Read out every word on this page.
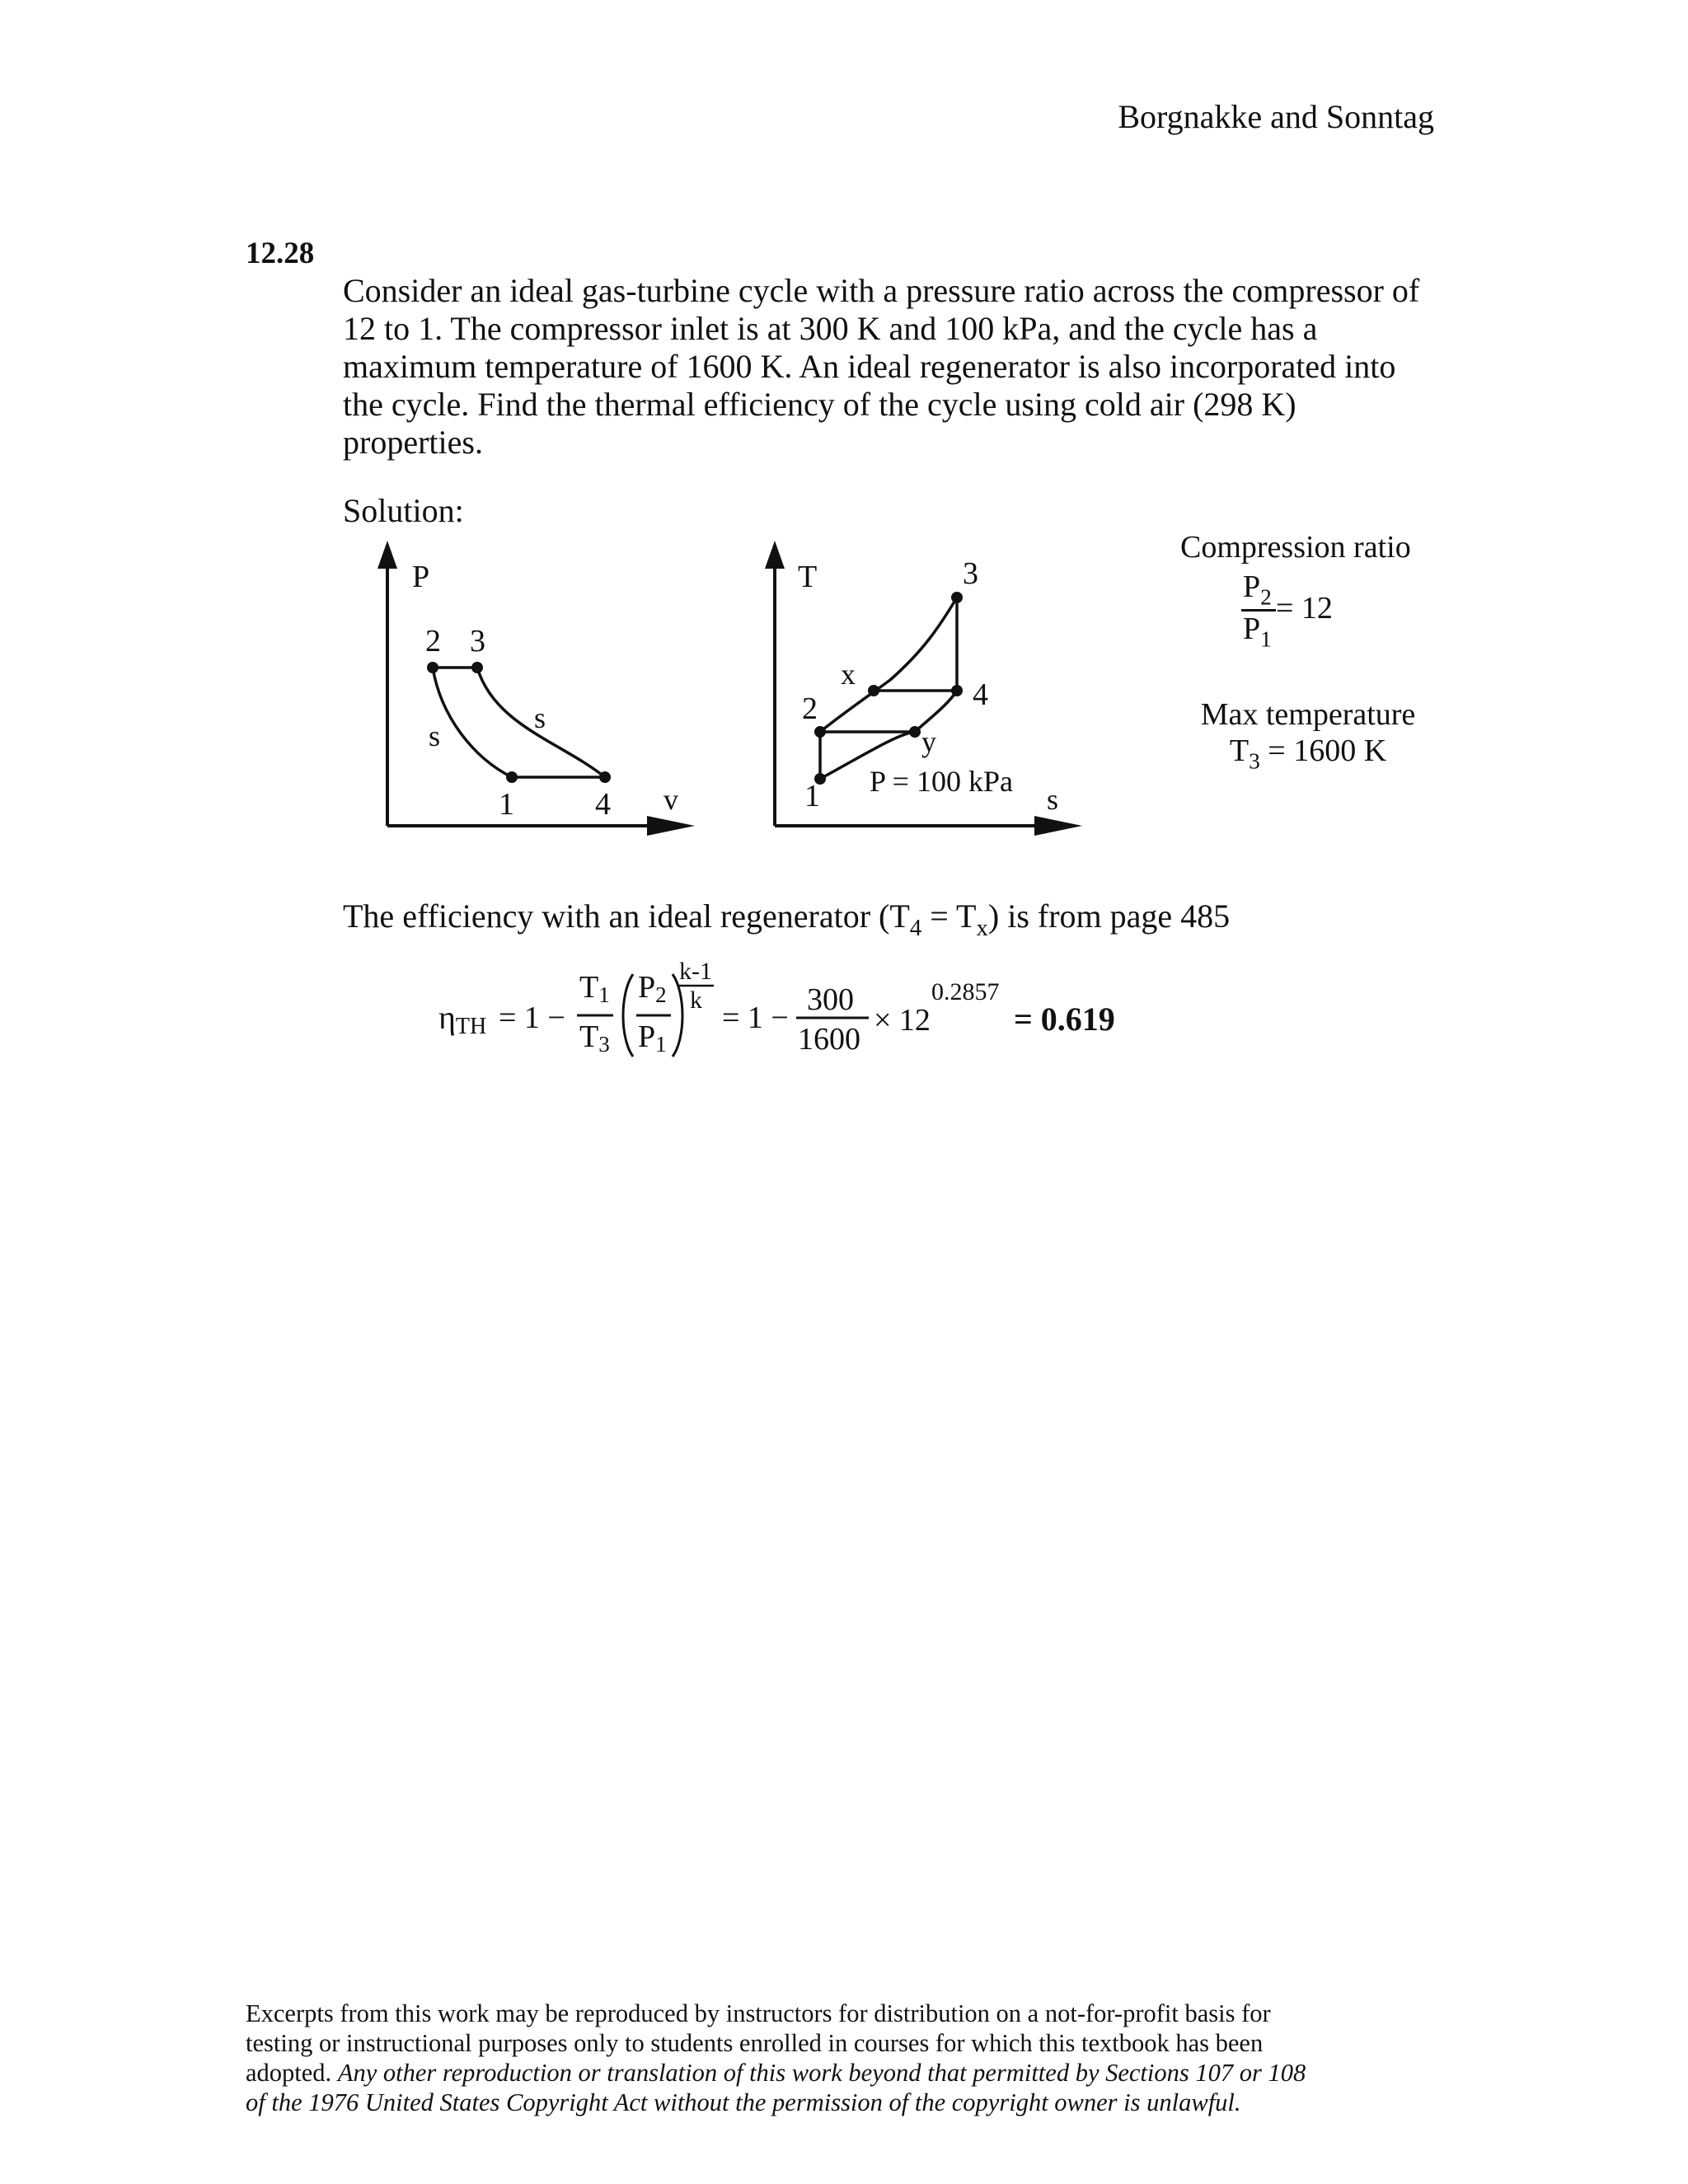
Borgnakke and Sonntag
12.28

Consider an ideal gas-turbine cycle with a pressure ratio across the compressor of

12 to 1. The compressor inlet is at 300 K and 100 kPa, and the cycle has a

maximum temperature of 1600 K. An ideal regenerator is also incorporated into

the cycle. Find the thermal efficiency of the cycle using cold air (298 K)

properties.

Solution:
P
v
2 3
1	4
s
s
T
s
3
4
x
2
y
1 P = 100 kPa
ηTH = 1 −
T1
T3
P2
P1
k-1
k
= 1 −
300
1600
× 12
0.2857
= 0.619
Compression ratio
$P_2$
$P_1$
= 12
Max temperature
$T_3 = 1600$ K
The efficiency with an ideal regenerator $(T_4 = T_x)$ is from page 485

Excerpts from this work may be reproduced by instructors for distribution on a not-for-profit basis for

testing or instructional purposes only to students enrolled in courses for which this textbook has been

adopted. Any other reproduction or translation of this work beyond that permitted by Sections 107 or 108

of the 1976 United States Copyright Act without the permission of the copyright owner is unlawful.
